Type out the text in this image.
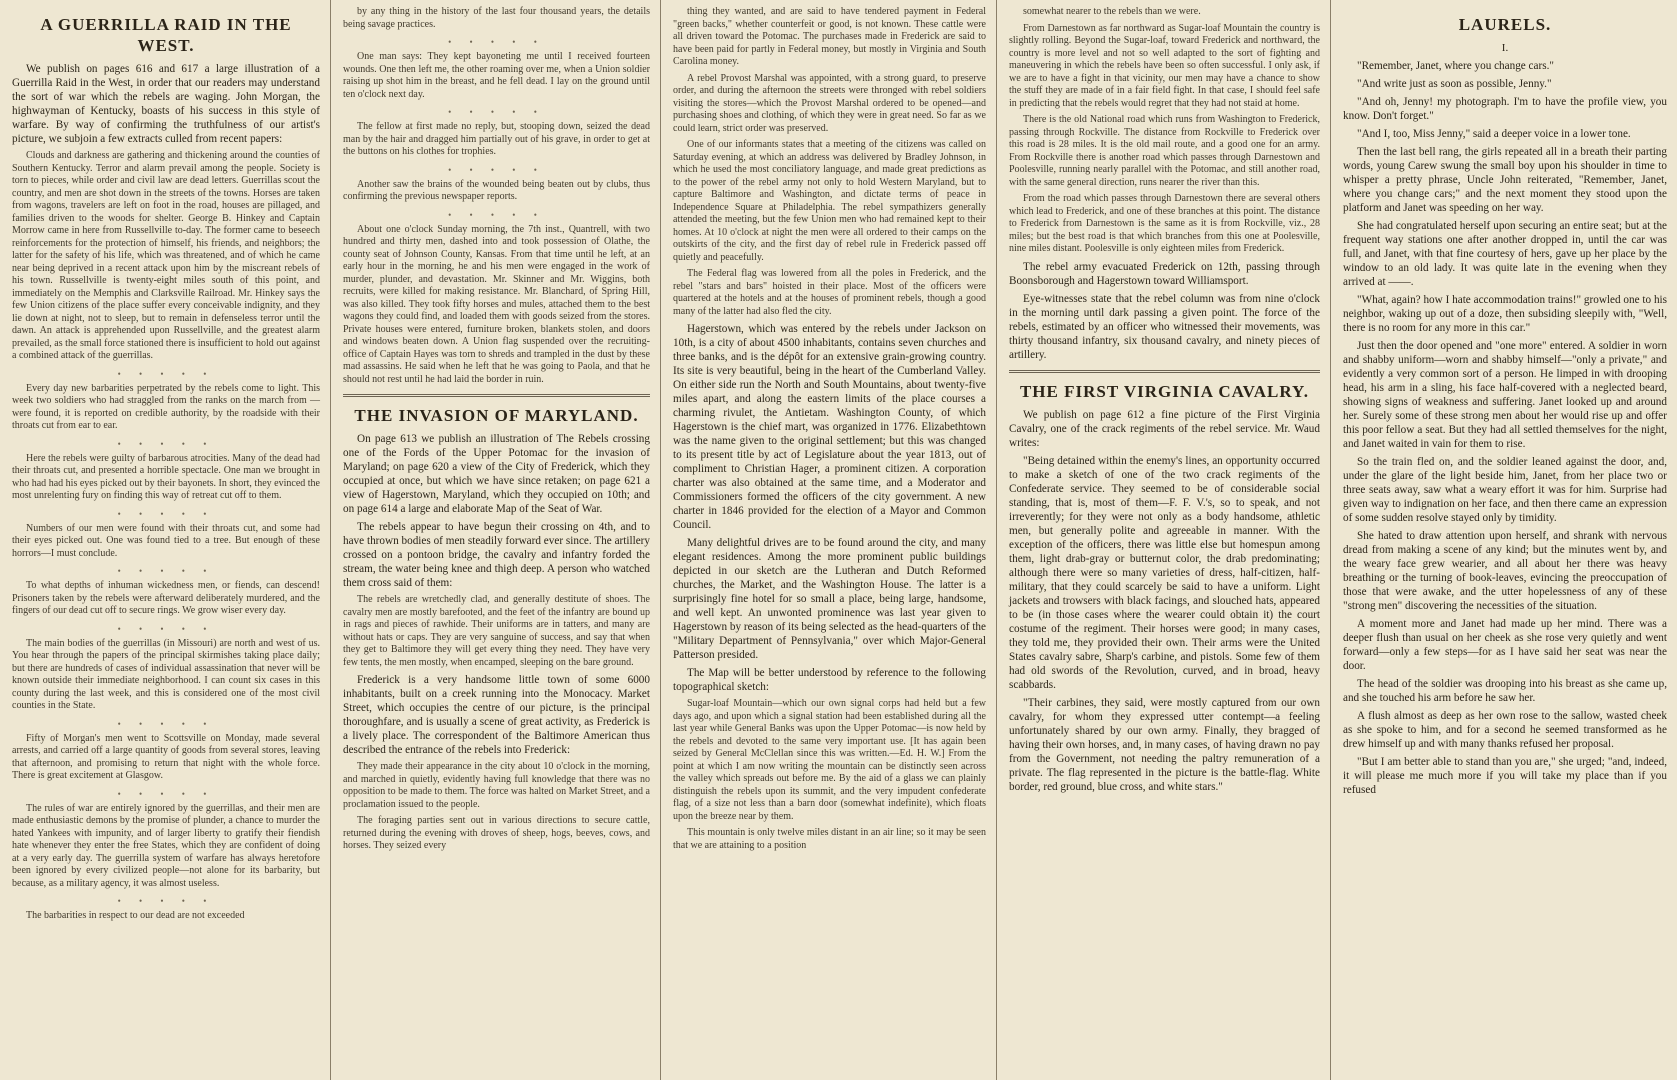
A GUERRILLA RAID IN THE WEST.

We publish on pages 616 and 617 a large illustration of a Guerrilla Raid in the West, in order that our readers may understand the sort of war which the rebels are waging. John Morgan, the highwayman of Kentucky, boasts of his success in this style of warfare. By way of confirming the truthfulness of our artist's picture, we subjoin a few extracts culled from recent papers:

Clouds and darkness are gathering and thickening around the counties of Southern Kentucky. Terror and alarm prevail among the people. Society is torn to pieces, while order and civil law are dead letters. Guerrillas scout the country, and men are shot down in the streets of the towns. Horses are taken from wagons, travelers are left on foot in the road, houses are pillaged, and families driven to the woods for shelter. George B. Hinkey and Captain Morrow came in here from Russellville to-day. The former came to beseech reinforcements for the protection of himself, his friends, and neighbors; the latter for the safety of his life, which was threatened, and of which he came near being deprived in a recent attack upon him by the miscreant rebels of his town. Russellville is twenty-eight miles south of this point, and immediately on the Memphis and Clarksville Railroad. Mr. Hinkey says the few Union citizens of the place suffer every conceivable indignity, and they lie down at night, not to sleep, but to remain in defenseless terror until the dawn. An attack is apprehended upon Russellville, and the greatest alarm prevailed, as the small force stationed there is insufficient to hold out against a combined attack of the guerrillas.

• • • • •

Every day new barbarities perpetrated by the rebels come to light. This week two soldiers who had straggled from the ranks on the march from — were found, it is reported on credible authority, by the roadside with their throats cut from ear to ear.

• • • • •

Here the rebels were guilty of barbarous atrocities. Many of the dead had their throats cut, and presented a horrible spectacle. One man we brought in who had had his eyes picked out by their bayonets. In short, they evinced the most unrelenting fury on finding this way of retreat cut off to them.

• • • • •

Numbers of our men were found with their throats cut, and some had their eyes picked out. One was found tied to a tree. But enough of these horrors—I must conclude.

• • • • •

To what depths of inhuman wickedness men, or fiends, can descend! Prisoners taken by the rebels were afterward deliberately murdered, and the fingers of our dead cut off to secure rings. We grow wiser every day.

• • • • •

The main bodies of the guerrillas (in Missouri) are north and west of us. You hear through the papers of the principal skirmishes taking place daily; but there are hundreds of cases of individual assassination that never will be known outside their immediate neighborhood. I can count six cases in this county during the last week, and this is considered one of the most civil counties in the State.

• • • • •

Fifty of Morgan's men went to Scottsville on Monday, made several arrests, and carried off a large quantity of goods from several stores, leaving that afternoon, and promising to return that night with the whole force. There is great excitement at Glasgow.

• • • • •

The rules of war are entirely ignored by the guerrillas, and their men are made enthusiastic demons by the promise of plunder, a chance to murder the hated Yankees with impunity, and of larger liberty to gratify their fiendish hate whenever they enter the free States, which they are confident of doing at a very early day. The guerrilla system of warfare has always heretofore been ignored by every civilized people—not alone for its barbarity, but because, as a military agency, it was almost useless.

• • • • •

The barbarities in respect to our dead are not exceeded

by any thing in the history of the last four thousand years, the details being savage practices.

• • • • •

One man says: They kept bayoneting me until I received fourteen wounds. One then left me, the other roaming over me, when a Union soldier raising up shot him in the breast, and he fell dead. I lay on the ground until ten o'clock next day.

• • • • •

The fellow at first made no reply, but, stooping down, seized the dead man by the hair and dragged him partially out of his grave, in order to get at the buttons on his clothes for trophies.

• • • • •

Another saw the brains of the wounded being beaten out by clubs, thus confirming the previous newspaper reports.

• • • • •

About one o'clock Sunday morning, the 7th inst., Quantrell, with two hundred and thirty men, dashed into and took possession of Olathe, the county seat of Johnson County, Kansas. From that time until he left, at an early hour in the morning, he and his men were engaged in the work of murder, plunder, and devastation. Mr. Skinner and Mr. Wiggins, both recruits, were killed for making resistance. Mr. Blanchard, of Spring Hill, was also killed. They took fifty horses and mules, attached them to the best wagons they could find, and loaded them with goods seized from the stores. Private houses were entered, furniture broken, blankets stolen, and doors and windows beaten down. A Union flag suspended over the recruiting-office of Captain Hayes was torn to shreds and trampled in the dust by these mad assassins. He said when he left that he was going to Paola, and that he should not rest until he had laid the border in ruin.

THE INVASION OF MARYLAND.

On page 613 we publish an illustration of The Rebels crossing one of the Fords of the Upper Potomac for the invasion of Maryland; on page 620 a view of the City of Frederick, which they occupied at once, but which we have since retaken; on page 621 a view of Hagerstown, Maryland, which they occupied on 10th; and on page 614 a large and elaborate Map of the Seat of War.

The rebels appear to have begun their crossing on 4th, and to have thrown bodies of men steadily forward ever since. The artillery crossed on a pontoon bridge, the cavalry and infantry forded the stream, the water being knee and thigh deep. A person who watched them cross said of them:

The rebels are wretchedly clad, and generally destitute of shoes. The cavalry men are mostly barefooted, and the feet of the infantry are bound up in rags and pieces of rawhide. Their uniforms are in tatters, and many are without hats or caps. They are very sanguine of success, and say that when they get to Baltimore they will get every thing they need. They have very few tents, the men mostly, when encamped, sleeping on the bare ground.

Frederick is a very handsome little town of some 6000 inhabitants, built on a creek running into the Monocacy. Market Street, which occupies the centre of our picture, is the principal thoroughfare, and is usually a scene of great activity, as Frederick is a lively place. The correspondent of the Baltimore American thus described the entrance of the rebels into Frederick:

They made their appearance in the city about 10 o'clock in the morning, and marched in quietly, evidently having full knowledge that there was no opposition to be made to them. The force was halted on Market Street, and a proclamation issued to the people.

The foraging parties sent out in various directions to secure cattle, returned during the evening with droves of sheep, hogs, beeves, cows, and horses. They seized every

thing they wanted, and are said to have tendered payment in Federal "green backs," whether counterfeit or good, is not known. These cattle were all driven toward the Potomac. The purchases made in Frederick are said to have been paid for partly in Federal money, but mostly in Virginia and South Carolina money.

A rebel Provost Marshal was appointed, with a strong guard, to preserve order, and during the afternoon the streets were thronged with rebel soldiers visiting the stores—which the Provost Marshal ordered to be opened—and purchasing shoes and clothing, of which they were in great need. So far as we could learn, strict order was preserved.

One of our informants states that a meeting of the citizens was called on Saturday evening, at which an address was delivered by Bradley Johnson, in which he used the most conciliatory language, and made great predictions as to the power of the rebel army not only to hold Western Maryland, but to capture Baltimore and Washington, and dictate terms of peace in Independence Square at Philadelphia. The rebel sympathizers generally attended the meeting, but the few Union men who had remained kept to their homes. At 10 o'clock at night the men were all ordered to their camps on the outskirts of the city, and the first day of rebel rule in Frederick passed off quietly and peacefully.

The Federal flag was lowered from all the poles in Frederick, and the rebel "stars and bars" hoisted in their place. Most of the officers were quartered at the hotels and at the houses of prominent rebels, though a good many of the latter had also fled the city.

Hagerstown, which was entered by the rebels under Jackson on 10th, is a city of about 4500 inhabitants, contains seven churches and three banks, and is the dépôt for an extensive grain-growing country. Its site is very beautiful, being in the heart of the Cumberland Valley. On either side run the North and South Mountains, about twenty-five miles apart, and along the eastern limits of the place courses a charming rivulet, the Antietam. Washington County, of which Hagerstown is the chief mart, was organized in 1776. Elizabethtown was the name given to the original settlement; but this was changed to its present title by act of Legislature about the year 1813, out of compliment to Christian Hager, a prominent citizen. A corporation charter was also obtained at the same time, and a Moderator and Commissioners formed the officers of the city government. A new charter in 1846 provided for the election of a Mayor and Common Council.

Many delightful drives are to be found around the city, and many elegant residences. Among the more prominent public buildings depicted in our sketch are the Lutheran and Dutch Reformed churches, the Market, and the Washington House. The latter is a surprisingly fine hotel for so small a place, being large, handsome, and well kept. An unwonted prominence was last year given to Hagerstown by reason of its being selected as the head-quarters of the "Military Department of Pennsylvania," over which Major-General Patterson presided.

The Map will be better understood by reference to the following topographical sketch:

Sugar-loaf Mountain—which our own signal corps had held but a few days ago, and upon which a signal station had been established during all the last year while General Banks was upon the Upper Potomac—is now held by the rebels and devoted to the same very important use. [It has again been seized by General McClellan since this was written.—Ed. H. W.] From the point at which I am now writing the mountain can be distinctly seen across the valley which spreads out before me. By the aid of a glass we can plainly distinguish the rebels upon its summit, and the very impudent confederate flag, of a size not less than a barn door (somewhat indefinite), which floats upon the breeze near by them.

This mountain is only twelve miles distant in an air line; so it may be seen that we are attaining to a position

somewhat nearer to the rebels than we were.

From Darnestown as far northward as Sugar-loaf Mountain the country is slightly rolling. Beyond the Sugar-loaf, toward Frederick and northward, the country is more level and not so well adapted to the sort of fighting and maneuvering in which the rebels have been so often successful. I only ask, if we are to have a fight in that vicinity, our men may have a chance to show the stuff they are made of in a fair field fight. In that case, I should feel safe in predicting that the rebels would regret that they had not staid at home.

There is the old National road which runs from Washington to Frederick, passing through Rockville. The distance from Rockville to Frederick over this road is 28 miles. It is the old mail route, and a good one for an army. From Rockville there is another road which passes through Darnestown and Poolesville, running nearly parallel with the Potomac, and still another road, with the same general direction, runs nearer the river than this.

From the road which passes through Darnestown there are several others which lead to Frederick, and one of these branches at this point. The distance to Frederick from Darnestown is the same as it is from Rockville, viz., 28 miles; but the best road is that which branches from this one at Poolesville, nine miles distant. Poolesville is only eighteen miles from Frederick.

The rebel army evacuated Frederick on 12th, passing through Boonsborough and Hagerstown toward Williamsport.

Eye-witnesses state that the rebel column was from nine o'clock in the morning until dark passing a given point. The force of the rebels, estimated by an officer who witnessed their movements, was thirty thousand infantry, six thousand cavalry, and ninety pieces of artillery.

THE FIRST VIRGINIA CAVALRY.

We publish on page 612 a fine picture of the First Virginia Cavalry, one of the crack regiments of the rebel service. Mr. Waud writes:

"Being detained within the enemy's lines, an opportunity occurred to make a sketch of one of the two crack regiments of the Confederate service. They seemed to be of considerable social standing, that is, most of them—F. F. V.'s, so to speak, and not irreverently; for they were not only as a body handsome, athletic men, but generally polite and agreeable in manner. With the exception of the officers, there was little else but homespun among them, light drab-gray or butternut color, the drab predominating; although there were so many varieties of dress, half-citizen, half-military, that they could scarcely be said to have a uniform. Light jackets and trowsers with black facings, and slouched hats, appeared to be (in those cases where the wearer could obtain it) the court costume of the regiment. Their horses were good; in many cases, they told me, they provided their own. Their arms were the United States cavalry sabre, Sharp's carbine, and pistols. Some few of them had old swords of the Revolution, curved, and in broad, heavy scabbards.

"Their carbines, they said, were mostly captured from our own cavalry, for whom they expressed utter contempt—a feeling unfortunately shared by our own army. Finally, they bragged of having their own horses, and, in many cases, of having drawn no pay from the Government, not needing the paltry remuneration of a private. The flag represented in the picture is the battle-flag. White border, red ground, blue cross, and white stars."

LAURELS.
I.

"Remember, Janet, where you change cars."

"And write just as soon as possible, Jenny."

"And oh, Jenny! my photograph. I'm to have the profile view, you know. Don't forget."

"And I, too, Miss Jenny," said a deeper voice in a lower tone.

Then the last bell rang, the girls repeated all in a breath their parting words, young Carew swung the small boy upon his shoulder in time to whisper a pretty phrase, Uncle John reiterated, "Remember, Janet, where you change cars;" and the next moment they stood upon the platform and Janet was speeding on her way.

She had congratulated herself upon securing an entire seat; but at the frequent way stations one after another dropped in, until the car was full, and Janet, with that fine courtesy of hers, gave up her place by the window to an old lady. It was quite late in the evening when they arrived at ——.

"What, again? how I hate accommodation trains!" growled one to his neighbor, waking up out of a doze, then subsiding sleepily with, "Well, there is no room for any more in this car."

Just then the door opened and "one more" entered. A soldier in worn and shabby uniform—worn and shabby himself—"only a private," and evidently a very common sort of a person. He limped in with drooping head, his arm in a sling, his face half-covered with a neglected beard, showing signs of weakness and suffering. Janet looked up and around her. Surely some of these strong men about her would rise up and offer this poor fellow a seat. But they had all settled themselves for the night, and Janet waited in vain for them to rise.

So the train fled on, and the soldier leaned against the door, and, under the glare of the light beside him, Janet, from her place two or three seats away, saw what a weary effort it was for him. Surprise had given way to indignation on her face, and then there came an expression of some sudden resolve stayed only by timidity.

She hated to draw attention upon herself, and shrank with nervous dread from making a scene of any kind; but the minutes went by, and the weary face grew wearier, and all about her there was heavy breathing or the turning of book-leaves, evincing the preoccupation of those that were awake, and the utter hopelessness of any of these "strong men" discovering the necessities of the situation.

A moment more and Janet had made up her mind. There was a deeper flush than usual on her cheek as she rose very quietly and went forward—only a few steps—for as I have said her seat was near the door.

The head of the soldier was drooping into his breast as she came up, and she touched his arm before he saw her.

A flush almost as deep as her own rose to the sallow, wasted cheek as she spoke to him, and for a second he seemed transformed as he drew himself up and with many thanks refused her proposal.

"But I am better able to stand than you are," she urged; "and, indeed, it will please me much more if you will take my place than if you refused
